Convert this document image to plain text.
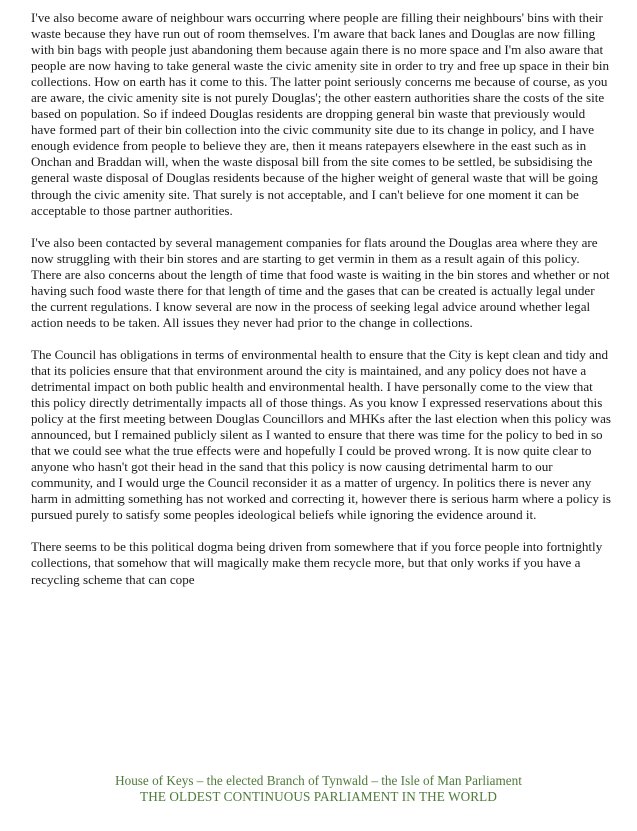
I've also become aware of neighbour wars occurring where people are filling their neighbours' bins with their waste because they have run out of room themselves. I'm aware that back lanes and Douglas are now filling with bin bags with people just abandoning them because again there is no more space and I'm also aware that people are now having to take general waste the civic amenity site in order to try and free up space in their bin collections. How on earth has it come to this. The latter point seriously concerns me because of course, as you are aware, the civic amenity site is not purely Douglas'; the other eastern authorities share the costs of the site based on population. So if indeed Douglas residents are dropping general bin waste that previously would have formed part of their bin collection into the civic community site due to its change in policy, and I have enough evidence from people to believe they are, then it means ratepayers elsewhere in the east such as in Onchan and Braddan will, when the waste disposal bill from the site comes to be settled, be subsidising the general waste disposal of Douglas residents because of the higher weight of general waste that will be going through the civic amenity site. That surely is not acceptable, and I can't believe for one moment it can be acceptable to those partner authorities.

I've also been contacted by several management companies for flats around the Douglas area where they are now struggling with their bin stores and are starting to get vermin in them as a result again of this policy. There are also concerns about the length of time that food waste is waiting in the bin stores and whether or not having such food waste there for that length of time and the gases that can be created is actually legal under the current regulations. I know several are now in the process of seeking legal advice around whether legal action needs to be taken. All issues they never had prior to the change in collections.

The Council has obligations in terms of environmental health to ensure that the City is kept clean and tidy and that its policies ensure that that environment around the city is maintained, and any policy does not have a detrimental impact on both public health and environmental health. I have personally come to the view that this policy directly detrimentally impacts all of those things. As you know I expressed reservations about this policy at the first meeting between Douglas Councillors and MHKs after the last election when this policy was announced, but I remained publicly silent as I wanted to ensure that there was time for the policy to bed in so that we could see what the true effects were and hopefully I could be proved wrong. It is now quite clear to anyone who hasn't got their head in the sand that this policy is now causing detrimental harm to our community, and I would urge the Council reconsider it as a matter of urgency. In politics there is never any harm in admitting something has not worked and correcting it, however there is serious harm where a policy is pursued purely to satisfy some peoples ideological beliefs while ignoring the evidence around it.

There seems to be this political dogma being driven from somewhere that if you force people into fortnightly collections, that somehow that will magically make them recycle more, but that only works if you have a recycling scheme that can cope

House of Keys – the elected Branch of Tynwald – the Isle of Man Parliament
THE OLDEST CONTINUOUS PARLIAMENT IN THE WORLD
